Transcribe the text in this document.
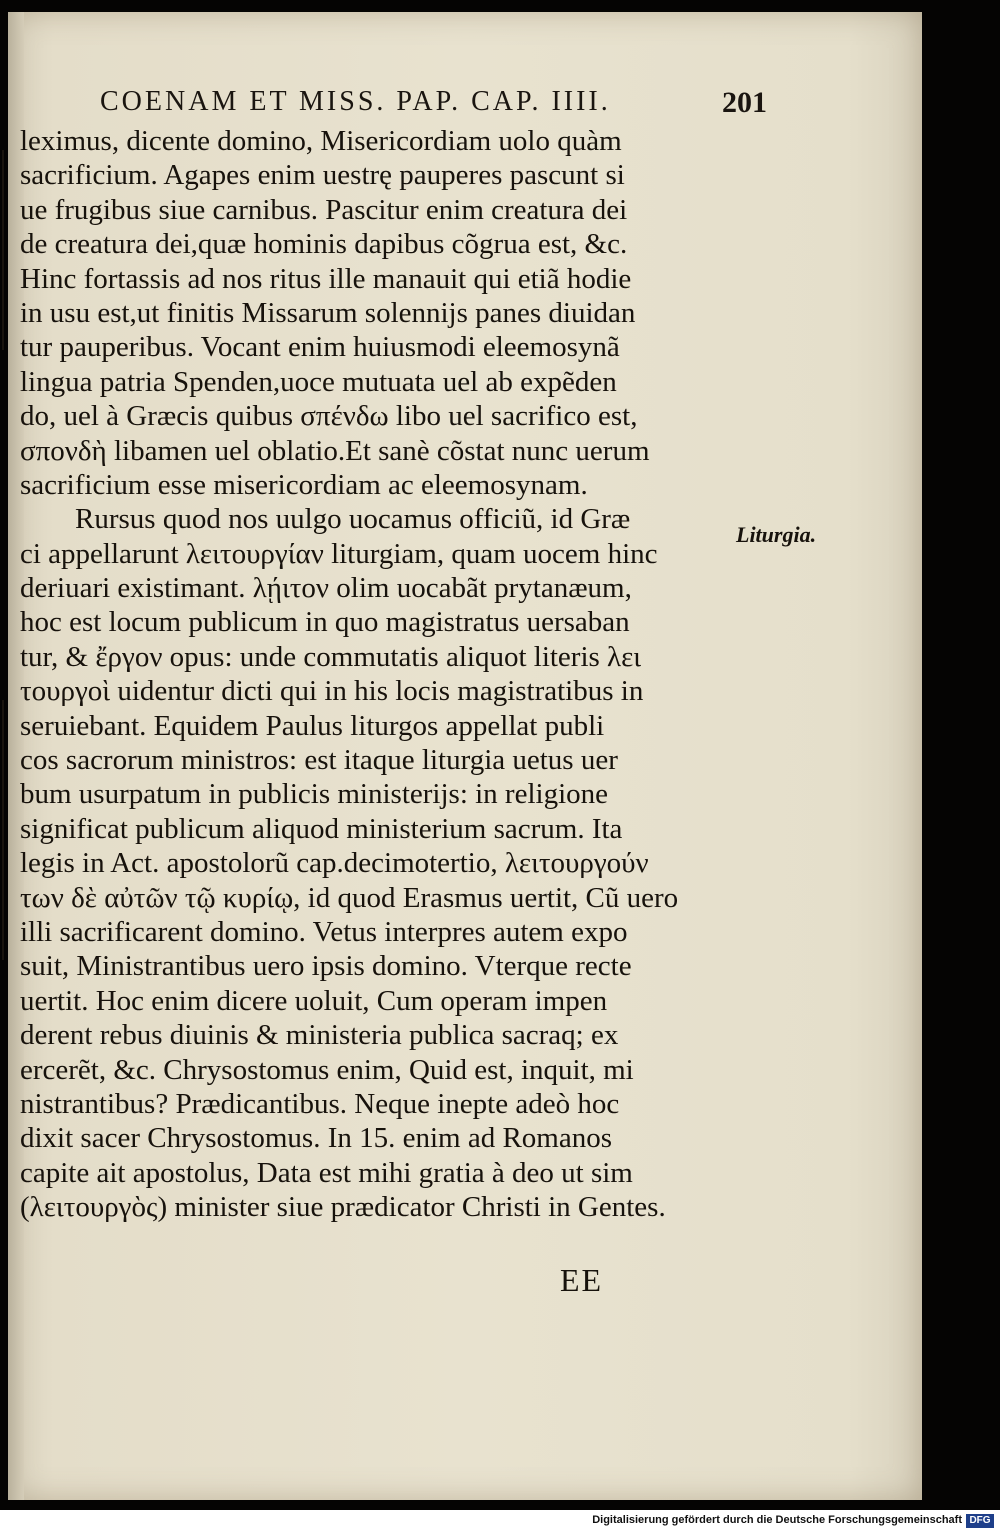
COENAM ET MISS. PAP. CAP. IIII.	201
leximus, dicente domino, Misericordiam uolo quàm
sacrificium. Agapes enim uestrę pauperes pascunt si
ue frugibus siue carnibus. Pascitur enim creatura dei
de creatura dei,quæ hominis dapibus cõgrua est, &c.
Hinc fortassis ad nos ritus ille manauit qui etiã hodie
in usu est,ut finitis Missarum solennijs panes diuidan
tur pauperibus. Vocant enim huiusmodi eleemosynã
lingua patria Spenden,uoce mutuata uel ab expẽden
do, uel à Græcis quibus σπένδω libo uel sacrifico est,
σπονδὴ libamen uel oblatio.Et sanè cõstat nunc uerum
sacrificium esse misericordiam ac eleemosynam.
Rursus quod nos uulgo uocamus officiũ, id Græ
ci appellarunt λειτουργίαν liturgiam, quam uocem hinc
deriuari existimant. λῄιτον olim uocabãt prytanæum,
hoc est locum publicum in quo magistratus uersaban
tur, & ἔργον opus: unde commutatis aliquot literis λει
τουργοὶ uidentur dicti qui in his locis magistratibus in
seruiebant. Equidem Paulus liturgos appellat publi
cos sacrorum ministros: est itaque liturgia uetus uer
bum usurpatum in publicis ministerijs: in religione
significat publicum aliquod ministerium sacrum. Ita
legis in Act. apostolorũ cap.decimotertio, λειτουργούν
των δὲ αὐτῶν τῷ κυρίῳ, id quod Erasmus uertit, Cũ uero
illi sacrificarent domino. Vetus interpres autem expo
suit, Ministrantibus uero ipsis domino. Vterque recte
uertit. Hoc enim dicere uoluit, Cum operam impen
derent rebus diuinis & ministeria publica sacraq; ex
ercerẽt, &c. Chrysostomus enim, Quid est, inquit, mi
nistrantibus? Prædicantibus. Neque inepte adeò hoc
dixit sacer Chrysostomus. In 15. enim ad Romanos
capite ait apostolus, Data est mihi gratia à deo ut sim
(λειτουργὸς) minister siue prædicator Christi in Gentes.
Liturgia.
EE
Digitalisierung gefördert durch die Deutsche Forschungsgemeinschaft DFG
